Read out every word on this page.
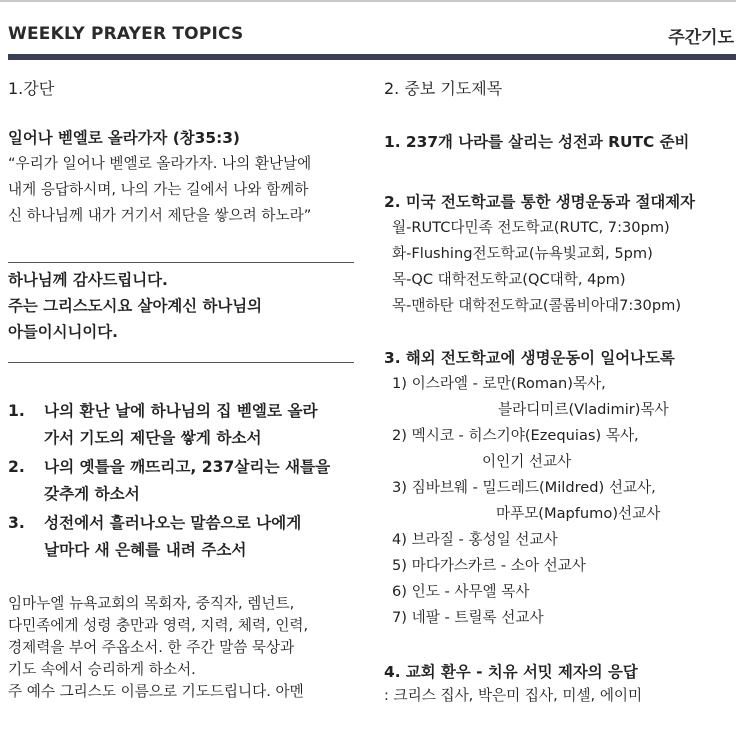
WEEKLY PRAYER TOPICS	주간기도
1.강단
일어나 벧엘로 올라가자 (창35:3)
“우리가 일어나 벧엘로 올라가자. 나의 환난날에
내게 응답하시며, 나의 가는 길에서 나와 함께하
신 하나님께 내가 거기서 제단을 쌓으려 하노라”
하나님께 감사드립니다.
주는 그리스도시요 살아계신 하나님의
아들이시니이다.
1. 나의 환난 날에 하나님의 집 벧엘로 올라
가서 기도의 제단을 쌓게 하소서
2. 나의 옛틀을 깨뜨리고, 237살리는 새틀을
갖추게 하소서
3. 성전에서 흘러나오는 말씀으로 나에게
날마다 새 은혜를 내려 주소서
임마누엘 뉴욕교회의 목회자, 중직자, 렘넌트,
다민족에게 성령 충만과 영력, 지력, 체력, 인력,
경제력을 부어 주옵소서. 한 주간 말씀 묵상과
기도 속에서 승리하게 하소서.
주 예수 그리스도 이름으로 기도드립니다. 아멘
2. 중보 기도제목
1. 237개 나라를 살리는 성전과 RUTC 준비
2. 미국 전도학교를 통한 생명운동과 절대제자
월-RUTC다민족 전도학교(RUTC, 7:30pm)
화-Flushing전도학교(뉴욕빛교회, 5pm)
목-QC 대학전도학교(QC대학, 4pm)
목-맨하탄 대학전도학교(콜롬비아대7:30pm)
3. 해외 전도학교에 생명운동이 일어나도록
1) 이스라엘 - 로만(Roman)목사,
블라디미르(Vladimir)목사
2) 멕시코 - 히스기야(Ezequias) 목사,
이인기 선교사
3) 짐바브웨 - 밀드레드(Mildred) 선교사,
마푸모(Mapfumo)선교사
4) 브라질 - 홍성일 선교사
5) 마다가스카르 - 소아 선교사
6) 인도 - 사무엘 목사
7) 네팔 - 트릴록 선교사
4. 교회 환우 - 치유 서밋 제자의 응답
: 크리스 집사, 박은미 집사, 미셀, 에이미
